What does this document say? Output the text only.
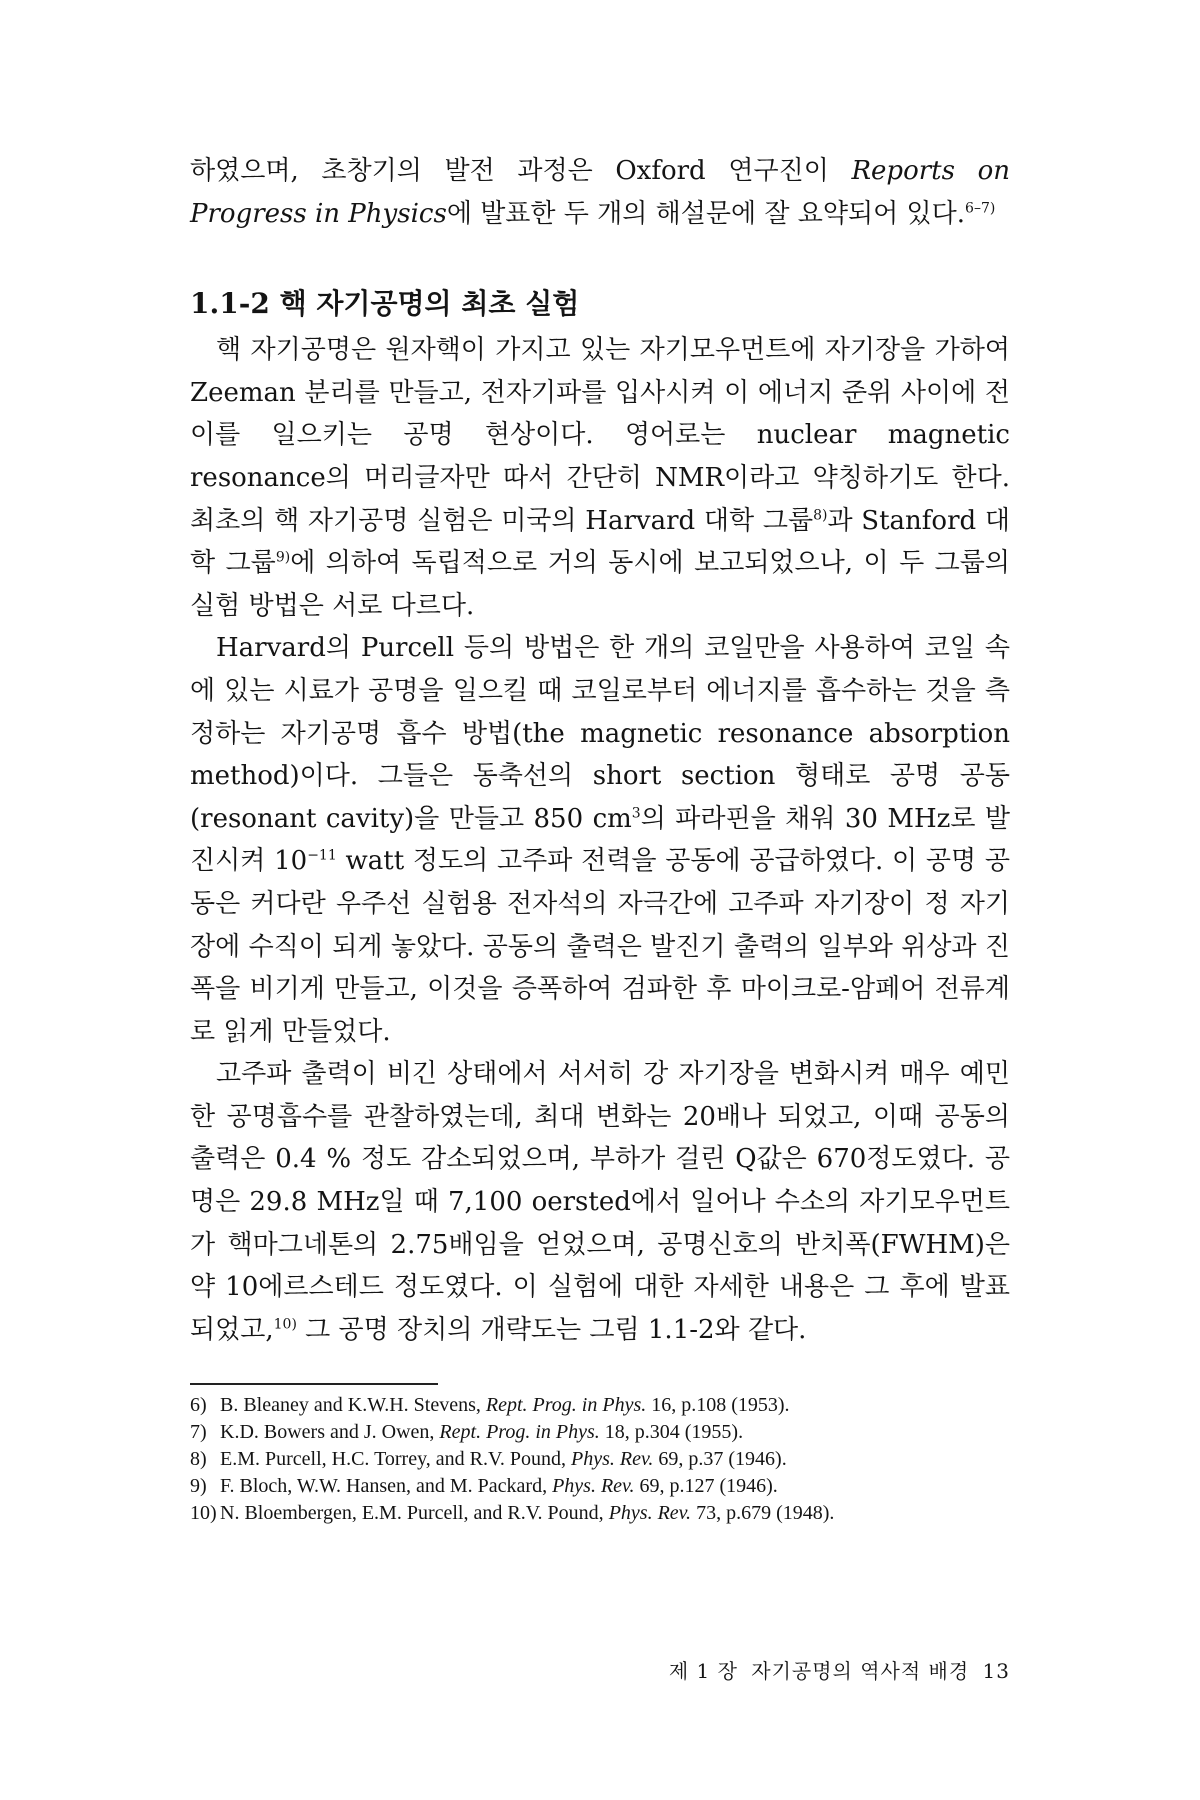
하였으며, 초창기의 발전 과정은 Oxford 연구진이 Reports on Progress in Physics에 발표한 두 개의 해설문에 잘 요약되어 있다.$^{6-7)}$

1.1-2 핵 자기공명의 최초 실험

핵 자기공명은 원자핵이 가지고 있는 자기모우먼트에 자기장을 가하여 Zeeman 분리를 만들고, 전자기파를 입사시켜 이 에너지 준위 사이에 전이를 일으키는 공명 현상이다. 영어로는 nuclear magnetic resonance의 머리글자만 따서 간단히 NMR이라고 약칭하기도 한다. 최초의 핵 자기공명 실험은 미국의 Harvard 대학 그룹$^{8)}$과 Stanford 대학 그룹$^{9)}$에 의하여 독립적으로 거의 동시에 보고되었으나, 이 두 그룹의 실험 방법은 서로 다르다.

Harvard의 Purcell 등의 방법은 한 개의 코일만을 사용하여 코일 속에 있는 시료가 공명을 일으킬 때 코일로부터 에너지를 흡수하는 것을 측정하는 자기공명 흡수 방법(the magnetic resonance absorption method)이다. 그들은 동축선의 short section 형태로 공명 공동(resonant cavity)을 만들고 850 $cm^3$의 파라핀을 채워 30 MHz로 발진시켜 $10^{-11}$ watt 정도의 고주파 전력을 공동에 공급하였다. 이 공명 공동은 커다란 우주선 실험용 전자석의 자극간에 고주파 자기장이 정 자기장에 수직이 되게 놓았다. 공동의 출력은 발진기 출력의 일부와 위상과 진폭을 비기게 만들고, 이것을 증폭하여 검파한 후 마이크로-암페어 전류계로 읽게 만들었다.

고주파 출력이 비긴 상태에서 서서히 강 자기장을 변화시켜 매우 예민한 공명흡수를 관찰하였는데, 최대 변화는 20배나 되었고, 이때 공동의 출력은 0.4 % 정도 감소되었으며, 부하가 걸린 Q값은 670정도였다. 공명은 29.8 MHz일 때 7,100 oersted에서 일어나 수소의 자기모우먼트가 핵마그네톤의 2.75배임을 얻었으며, 공명신호의 반치폭(FWHM)은 약 10에르스테드 정도였다. 이 실험에 대한 자세한 내용은 그 후에 발표되었고,$^{10)}$ 그 공명 장치의 개략도는 그림 1.1-2와 같다.

6) B. Bleaney and K.W.H. Stevens, Rept. Prog. in Phys. 16, p.108 (1953).
7) K.D. Bowers and J. Owen, Rept. Prog. in Phys. 18, p.304 (1955).
8) E.M. Purcell, H.C. Torrey, and R.V. Pound, Phys. Rev. 69, p.37 (1946).
9) F. Bloch, W.W. Hansen, and M. Packard, Phys. Rev. 69, p.127 (1946).
10) N. Bloembergen, E.M. Purcell, and R.V. Pound, Phys. Rev. 73, p.679 (1948).
제 1 장 자기공명의 역사적 배경 13
